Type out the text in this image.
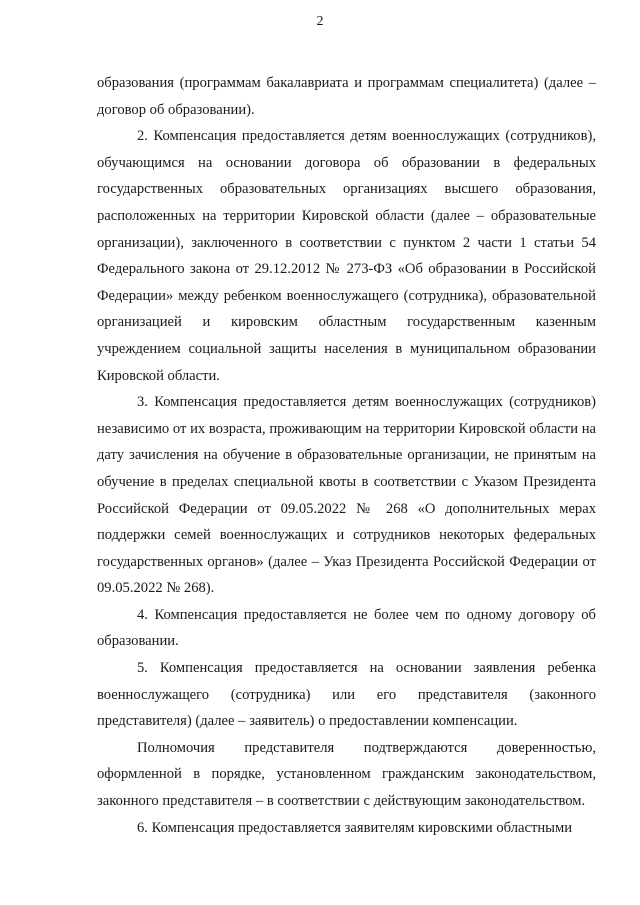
2

образования (программам бакалавриата и программам специалитета) (далее – договор об образовании).

2. Компенсация предоставляется детям военнослужащих (сотрудников), обучающимся на основании договора об образовании в федеральных государственных образовательных организациях высшего образования, расположенных на территории Кировской области (далее – образовательные организации), заключенного в соответствии с пунктом 2 части 1 статьи 54 Федерального закона от 29.12.2012 № 273-ФЗ «Об образовании в Российской Федерации» между ребенком военнослужащего (сотрудника), образовательной организацией и кировским областным государственным казенным учреждением социальной защиты населения в муниципальном образовании Кировской области.

3. Компенсация предоставляется детям военнослужащих (сотрудников) независимо от их возраста, проживающим на территории Кировской области на дату зачисления на обучение в образовательные организации, не принятым на обучение в пределах специальной квоты в соответствии с Указом Президента Российской Федерации от 09.05.2022 № 268 «О дополнительных мерах поддержки семей военнослужащих и сотрудников некоторых федеральных государственных органов» (далее – Указ Президента Российской Федерации от 09.05.2022 № 268).

4. Компенсация предоставляется не более чем по одному договору об образовании.

5. Компенсация предоставляется на основании заявления ребенка военнослужащего (сотрудника) или его представителя (законного представителя) (далее – заявитель) о предоставлении компенсации.

Полномочия представителя подтверждаются доверенностью, оформленной в порядке, установленном гражданским законодательством, законного представителя – в соответствии с действующим законодательством.

6. Компенсация предоставляется заявителям кировскими областными
